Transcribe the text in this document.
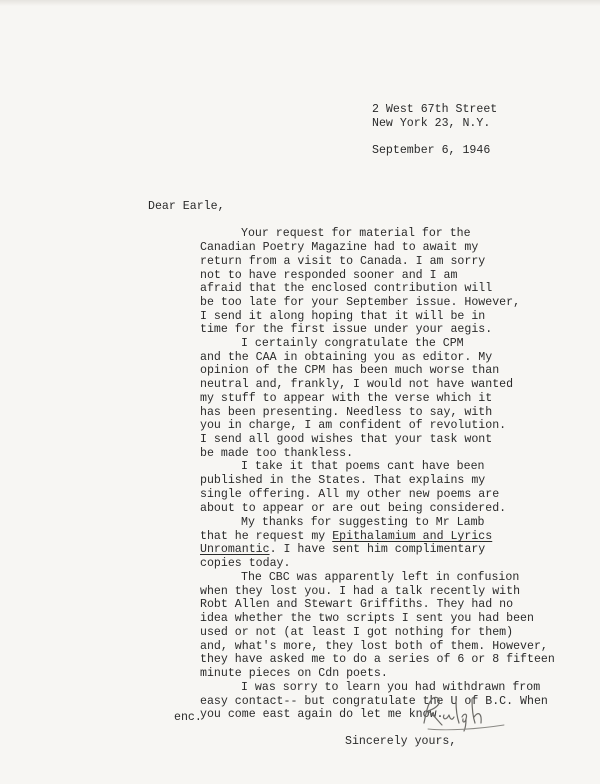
2 West 67th Street
New York 23, N.Y.
September 6, 1946
Dear Earle,
Your request for material for the
Canadian Poetry Magazine had to await my
return from a visit to Canada. I am sorry
not to have responded sooner and I am
afraid that the enclosed contribution will
be too late for your September issue. However,
I send it along hoping that it will be in
time for the first issue under your aegis.
I certainly congratulate the CPM
and the CAA in obtaining you as editor. My
opinion of the CPM has been much worse than
neutral and, frankly, I would not have wanted
my stuff to appear with the verse which it
has been presenting. Needless to say, with
you in charge, I am confident of revolution.
I send all good wishes that your task wont
be made too thankless.
I take it that poems cant have been
published in the States. That explains my
single offering. All my other new poems are
about to appear or are out being considered.
My thanks for suggesting to Mr Lamb
that he request my Epithalamium and Lyrics
Unromantic. I have sent him complimentary
copies today.
The CBC was apparently left in confusion
when they lost you. I had a talk recently with
Robt Allen and Stewart Griffiths. They had no
idea whether the two scripts I sent you had been
used or not (at least I got nothing for them)
and, what's more, they lost both of them. However,
they have asked me to do a series of 6 or 8 fifteen
minute pieces on Cdn poets.
I was sorry to learn you had withdrawn from
easy contact-- but congratulate the U of B.C. When
you come east again do let me know.
Sincerely yours,
enc.
